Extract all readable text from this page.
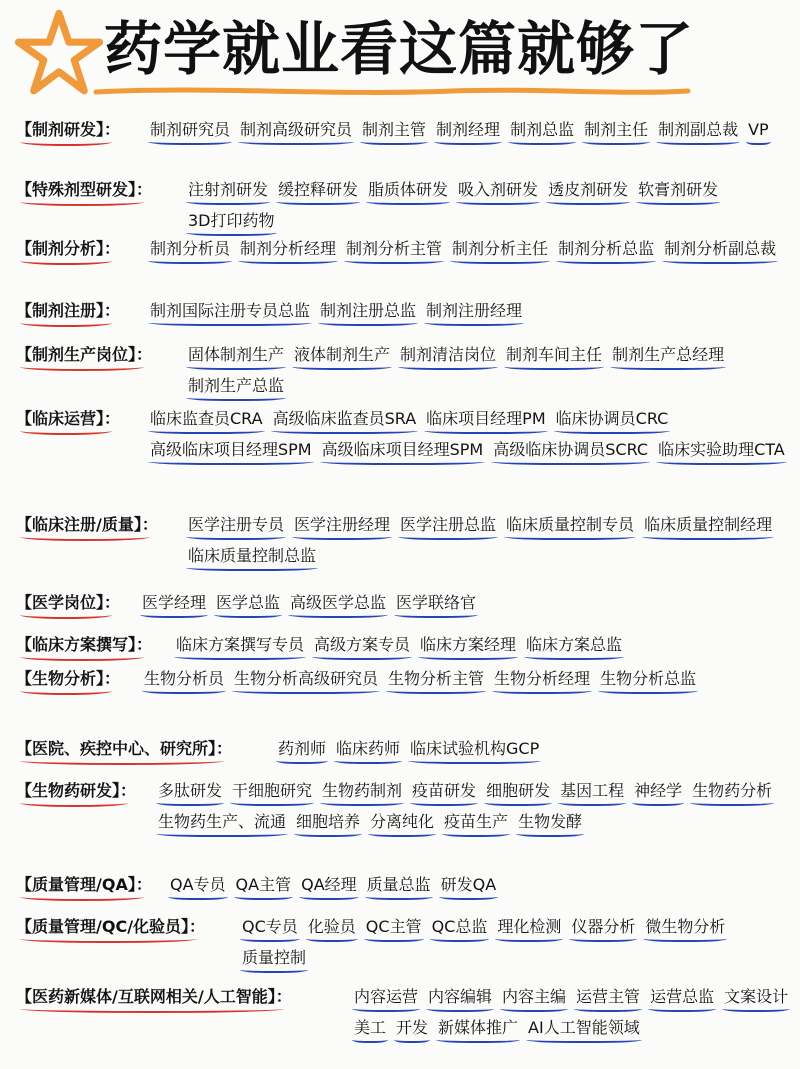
药学就业看这篇就够了
【制剂研发】： 制剂研究员 制剂高级研究员 制剂主管 制剂经理 制剂总监 制剂主任 制剂副总裁 VP
【特殊剂型研发】： 注射剂研发 缓控释研发 脂质体研发 吸入剂研发 透皮剂研发 软膏剂研发
3D打印药物
【制剂分析】： 制剂分析员 制剂分析经理 制剂分析主管 制剂分析主任 制剂分析总监 制剂分析副总裁
【制剂注册】： 制剂国际注册专员总监 制剂注册总监 制剂注册经理
【制剂生产岗位】： 固体制剂生产 液体制剂生产 制剂清洁岗位 制剂车间主任 制剂生产总经理
制剂生产总监
【临床运营】： 临床监查员CRA 高级临床监查员SRA 临床项目经理PM 临床协调员CRC
高级临床项目经理SPM 高级临床项目经理SPM 高级临床协调员SCRC 临床实验助理CTA
【临床注册/质量】： 医学注册专员 医学注册经理 医学注册总监 临床质量控制专员 临床质量控制经理
临床质量控制总监
【医学岗位】： 医学经理 医学总监 高级医学总监 医学联络官
【临床方案撰写】： 临床方案撰写专员 高级方案专员 临床方案经理 临床方案总监
【生物分析】： 生物分析员 生物分析高级研究员 生物分析主管 生物分析经理 生物分析总监
【医院、疾控中心、研究所】：	药剂师 临床药师 临床试验机构GCP
【生物药研发】： 多肽研发 干细胞研究 生物药制剂 疫苗研发 细胞研发 基因工程 神经学 生物药分析
生物药生产、流通 细胞培养 分离纯化 疫苗生产 生物发酵
【质量管理/QA】： QA专员 QA主管 QA经理 质量总监 研发QA
【质量管理/QC/化验员】： QC专员 化验员 QC主管 QC总监 理化检测 仪器分析 微生物分析
质量控制
【医药新媒体/互联网相关/人工智能】：	内容运营 内容编辑 内容主编 运营主管 运营总监 文案设计
美工 开发 新媒体推广 AI人工智能领域
